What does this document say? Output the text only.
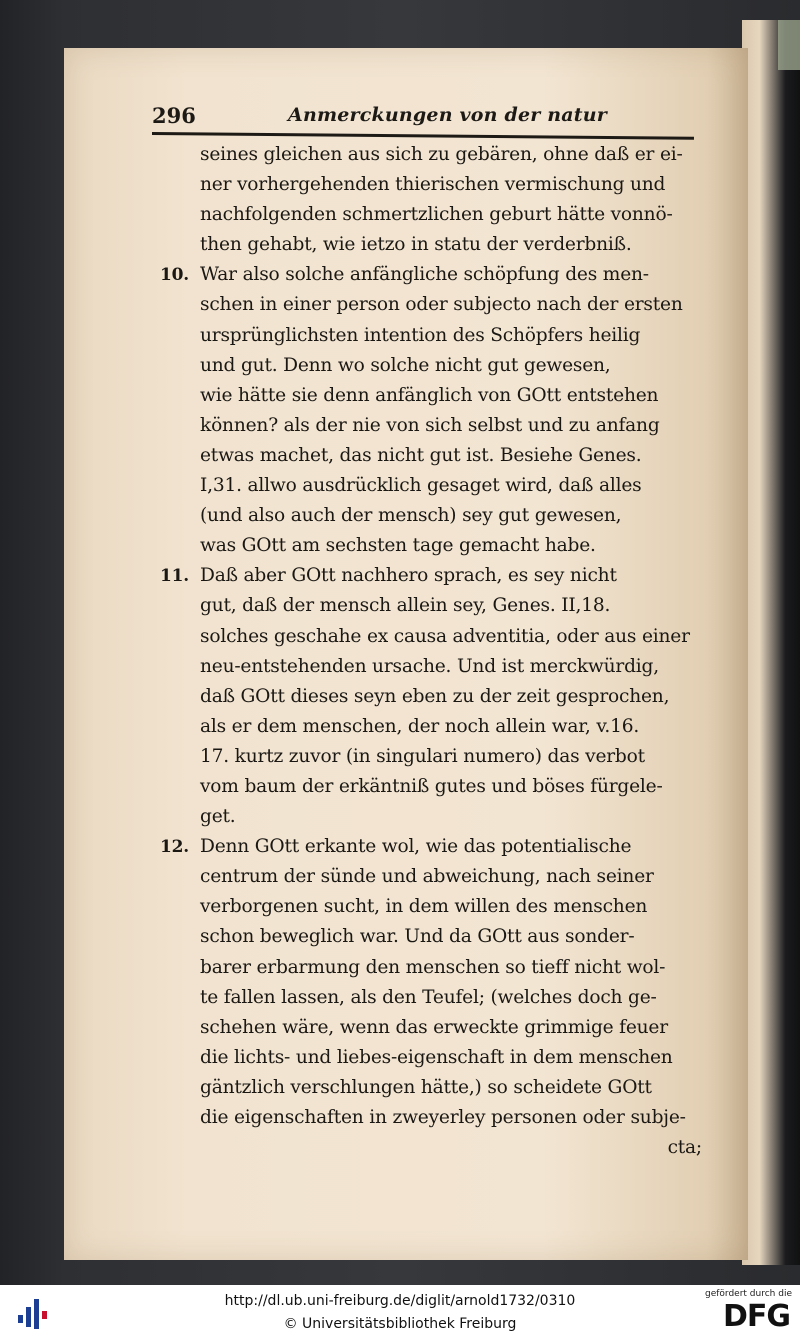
296	Anmerckungen von der natur
seines gleichen aus sich zu gebären, ohne daß er ei-
ner vorhergehenden thierischen vermischung und
nachfolgenden schmertzlichen geburt hätte vonnö-
then gehabt, wie ietzo in statu der verderbniß.
10. War also solche anfängliche schöpfung des men-
schen in einer person oder subjecto nach der ersten
ursprünglichsten intention des Schöpfers heilig
und gut. Denn wo solche nicht gut gewesen,
wie hätte sie denn anfänglich von GOtt entstehen
können? als der nie von sich selbst und zu anfang
etwas machet, das nicht gut ist. Besiehe Genes.
I,31. allwo ausdrücklich gesaget wird, daß alles
(und also auch der mensch) sey gut gewesen,
was GOtt am sechsten tage gemacht habe.
11. Daß aber GOtt nachhero sprach, es sey nicht
gut, daß der mensch allein sey, Genes. II,18.
solches geschahe ex causa adventitia, oder aus einer
neu-entstehenden ursache. Und ist merckwürdig,
daß GOtt dieses seyn eben zu der zeit gesprochen,
als er dem menschen, der noch allein war, v.16.
17. kurtz zuvor (in singulari numero) das verbot
vom baum der erkäntniß gutes und böses fürgele-
get.
12. Denn GOtt erkante wol, wie das potentialische
centrum der sünde und abweichung, nach seiner
verborgenen sucht, in dem willen des menschen
schon beweglich war. Und da GOtt aus sonder-
barer erbarmung den menschen so tieff nicht wol-
te fallen lassen, als den Teufel; (welches doch ge-
schehen wäre, wenn das erweckte grimmige feuer
die lichts- und liebes-eigenschaft in dem menschen
gäntzlich verschlungen hätte,) so scheidete GOtt
die eigenschaften in zweyerley personen oder subje-
cta;
http://dl.ub.uni-freiburg.de/diglit/arnold1732/0310
© Universitätsbibliothek Freiburg
gefördert durch die
DFG
